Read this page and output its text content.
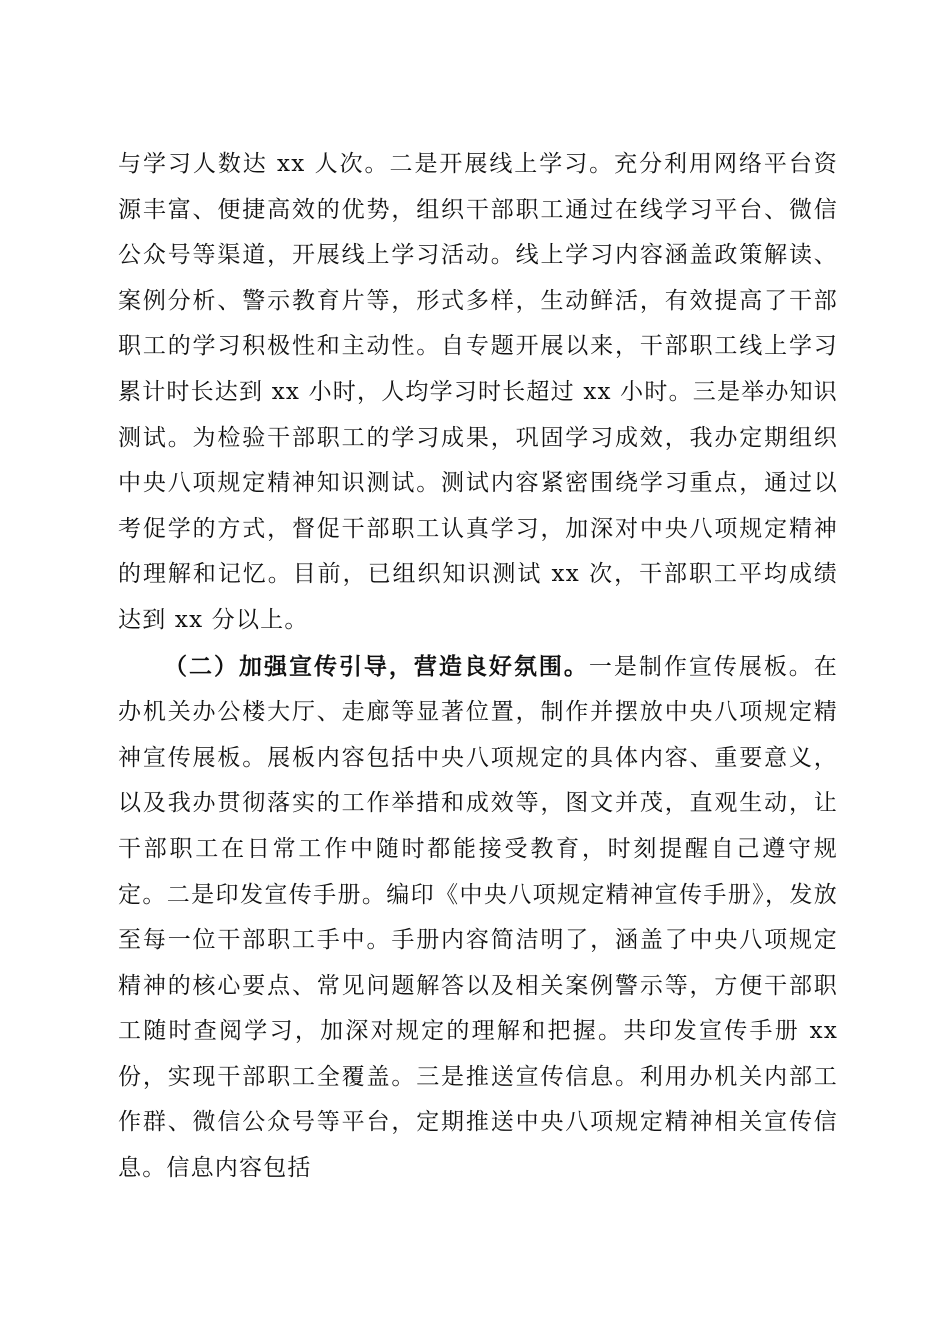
与学习人数达 xx 人次。二是开展线上学习。充分利用网络平台资源丰富、便捷高效的优势，组织干部职工通过在线学习平台、微信公众号等渠道，开展线上学习活动。线上学习内容涵盖政策解读、案例分析、警示教育片等，形式多样，生动鲜活，有效提高了干部职工的学习积极性和主动性。自专题开展以来，干部职工线上学习累计时长达到 xx 小时，人均学习时长超过 xx 小时。三是举办知识测试。为检验干部职工的学习成果，巩固学习成效，我办定期组织中央八项规定精神知识测试。测试内容紧密围绕学习重点，通过以考促学的方式，督促干部职工认真学习，加深对中央八项规定精神的理解和记忆。目前，已组织知识测试 xx 次，干部职工平均成绩达到 xx 分以上。

（二）加强宣传引导，营造良好氛围。一是制作宣传展板。在办机关办公楼大厅、走廊等显著位置，制作并摆放中央八项规定精神宣传展板。展板内容包括中央八项规定的具体内容、重要意义，以及我办贯彻落实的工作举措和成效等，图文并茂，直观生动，让干部职工在日常工作中随时都能接受教育，时刻提醒自己遵守规定。二是印发宣传手册。编印《中央八项规定精神宣传手册》，发放至每一位干部职工手中。手册内容简洁明了，涵盖了中央八项规定精神的核心要点、常见问题解答以及相关案例警示等，方便干部职工随时查阅学习，加深对规定的理解和把握。共印发宣传手册 xx 份，实现干部职工全覆盖。三是推送宣传信息。利用办机关内部工作群、微信公众号等平台，定期推送中央八项规定精神相关宣传信息。信息内容包括
